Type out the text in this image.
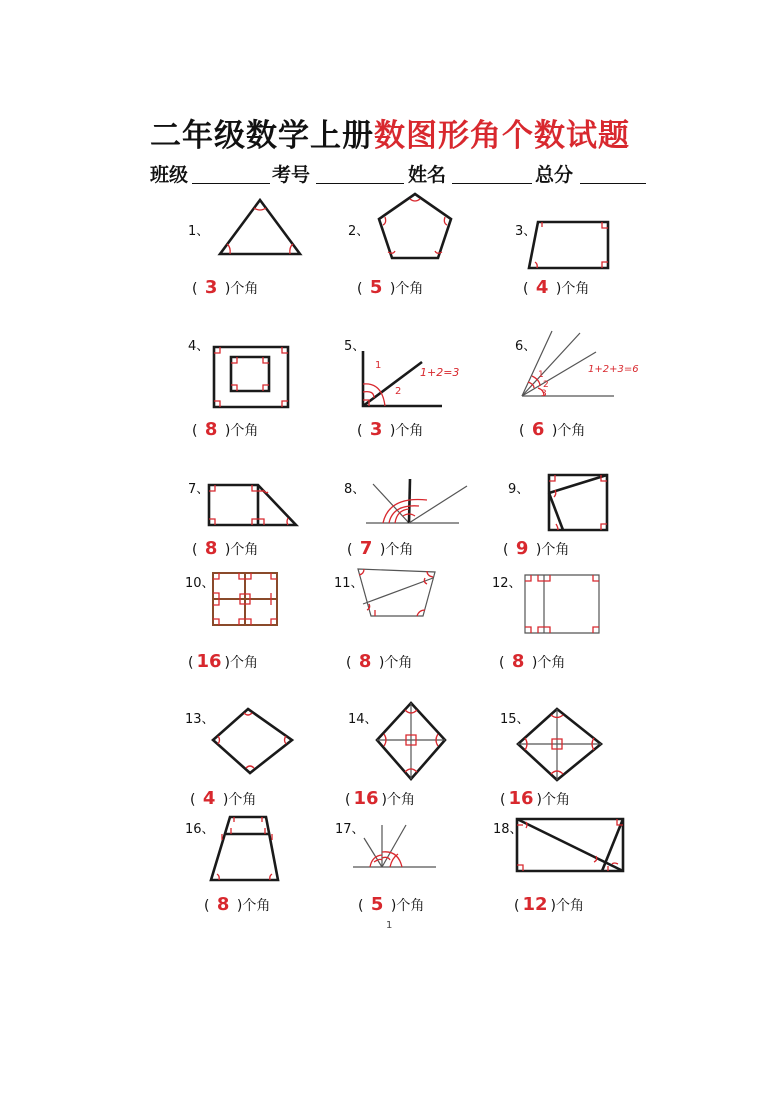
二年级数学上册数图形角个数试题
班级	考号	姓名	总分
1、
( 3 )个角
2、
( 5 )个角
3、
( 4 )个角
4、
( 8 )个角
5、
1
2
1+2=3
( 3 )个角
6、
1
2
3
1+2+3=6
( 6 )个角
7、
( 8 )个角
8、
( 7 )个角
9、
( 9 )个角
10、
( 16 )个角
11、
( 8 )个角
12、
( 8 )个角
13、
( 4 )个角
14、
( 16 )个角
15、
( 16 )个角
16、
( 8 )个角
17、
( 5 )个角
18、
( 12 )个角
1
